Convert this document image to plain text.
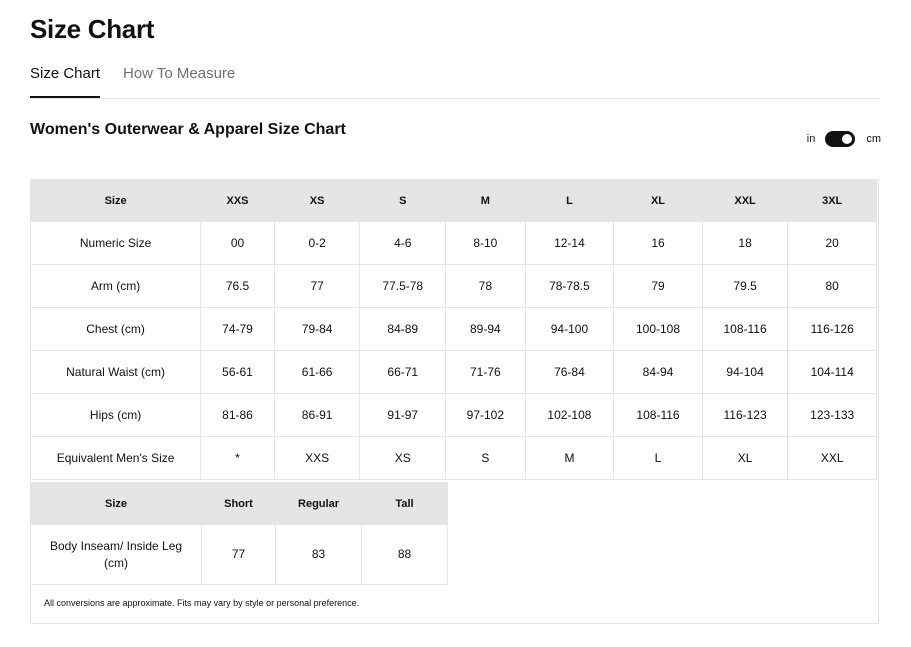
Size Chart
Size Chart How To Measure
Women's Outerwear & Apparel Size Chart
in	cm
Size	XXS	XS	S	M	L	XL	XXL	3XL
Numeric Size	00	0-2	4-6	8-10	12-14	16	18	20
Arm (cm)	76.5	77	77.5-78	78	78-78.5	79	79.5	80
Chest (cm)	74-79	79-84	84-89	89-94	94-100	100-108	108-116	116-126
Natural Waist (cm)	56-61	61-66	66-71	71-76	76-84	84-94	94-104	104-114
Hips (cm)	81-86	86-91	91-97	97-102	102-108	108-116	116-123	123-133
Equivalent Men's Size	*	XXS	XS	S	M	L	XL	XXL
Size	Short	Regular	Tall
Body Inseam/ Inside Leg (cm)	77	83	88
All conversions are approximate. Fits may vary by style or personal preference.
